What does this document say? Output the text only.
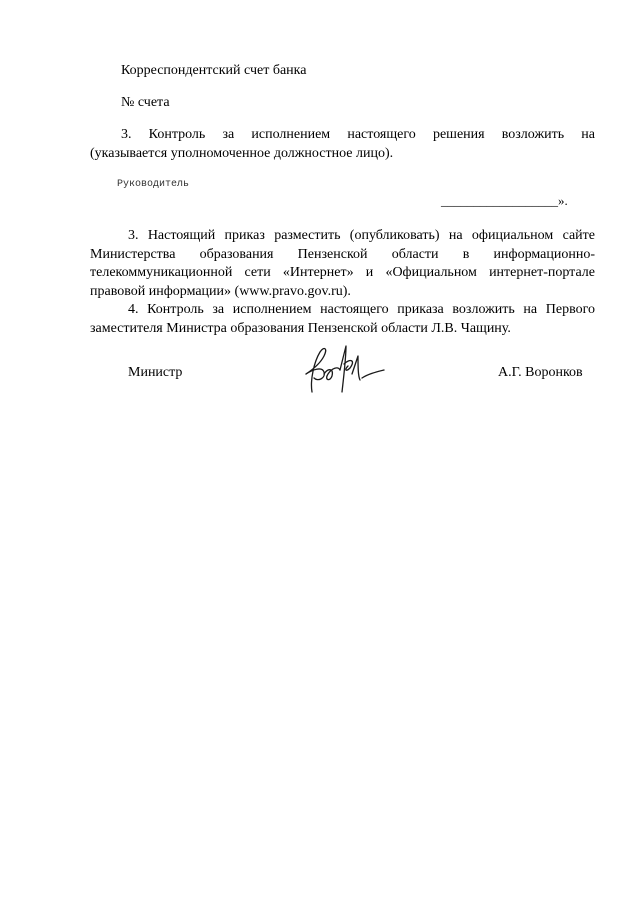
Корреспондентский счет банка
№ счета
3. Контроль за исполнением настоящего решения возложить на
(указывается уполномоченное должностное лицо).
Руководитель
__________________».
3. Настоящий приказ разместить (опубликовать) на официальном сайте
Министерства образования Пензенской области в информационно-
телекоммуникационной сети «Интернет» и «Официальном интернет-портале
правовой информации» (www.pravo.gov.ru).
4. Контроль за исполнением настоящего приказа возложить на Первого
заместителя Министра образования Пензенской области Л.В. Чащину.
Министр	А.Г. Воронков
